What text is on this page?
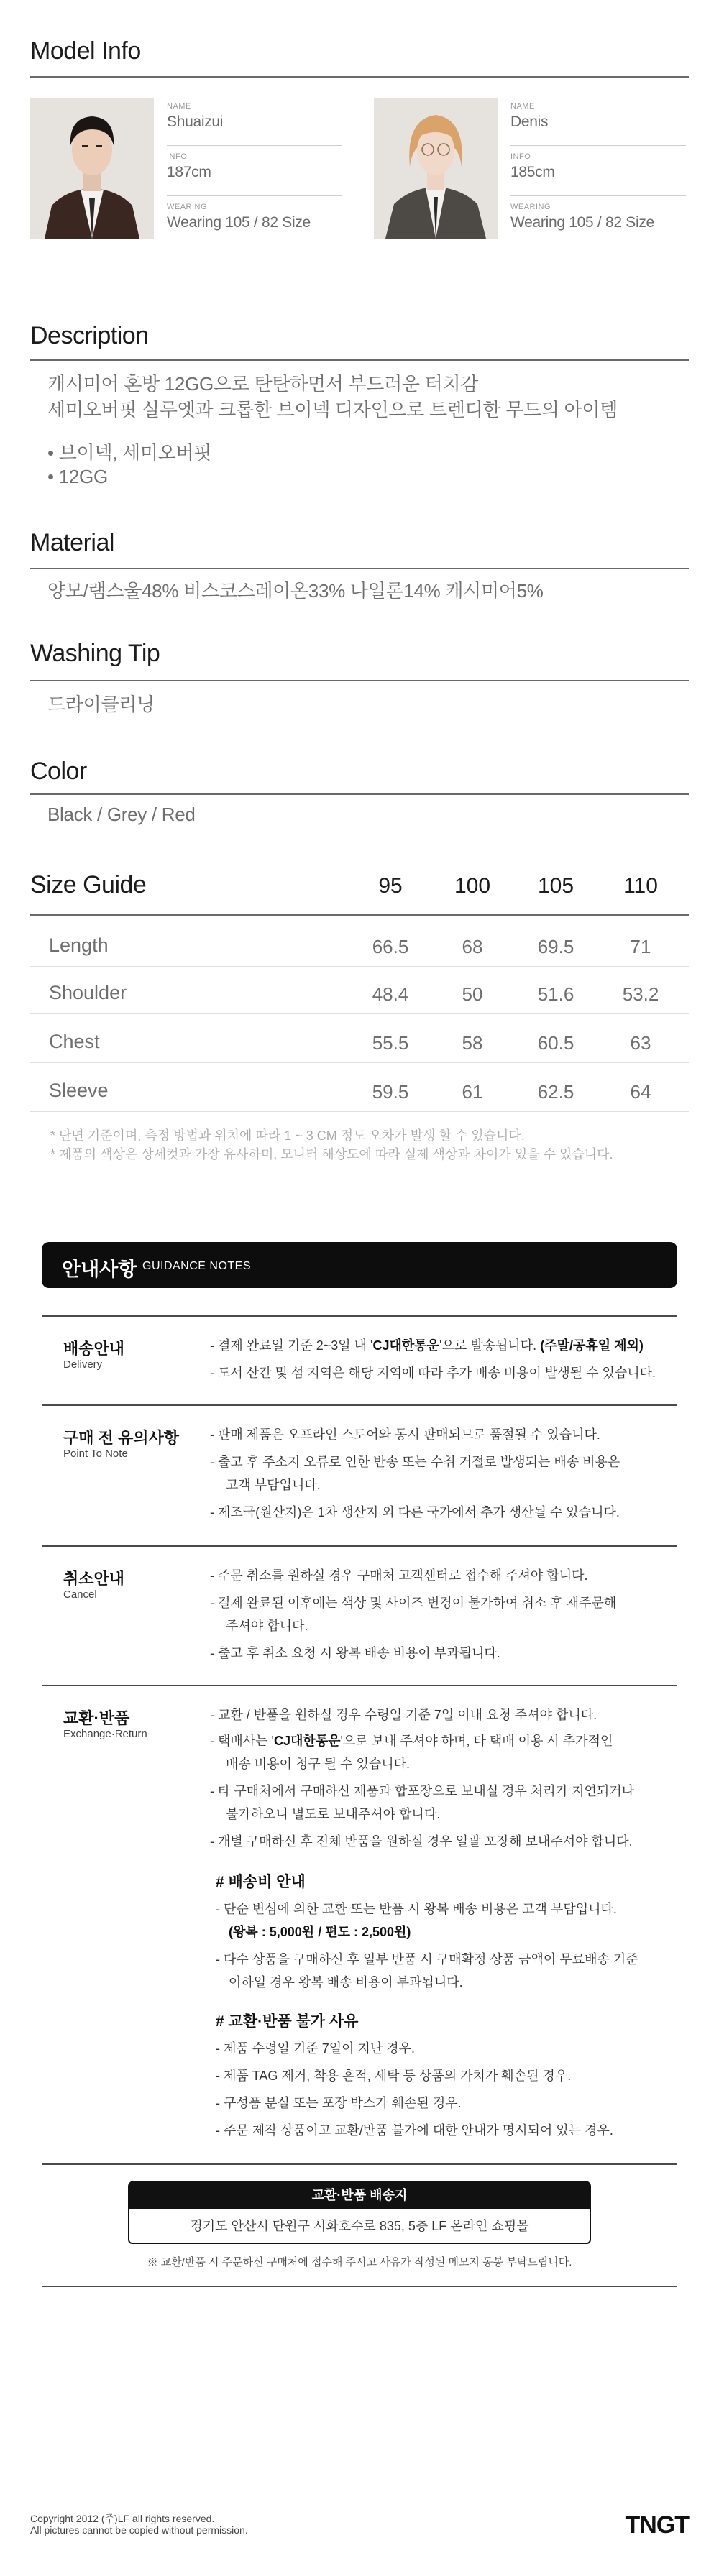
Model Info
NAME
Shuaizui
INFO
187cm
WEARING
Wearing 105 / 82 Size
NAME
Denis
INFO
185cm
WEARING
Wearing 105 / 82 Size
Description
캐시미어 혼방 12GG으로 탄탄하면서 부드러운 터치감
세미오버핏 실루엣과 크롭한 브이넥 디자인으로 트렌디한 무드의 아이템
• 브이넥, 세미오버핏
• 12GG
Material
양모/램스울48% 비스코스레이온33% 나일론14% 캐시미어5%
Washing Tip
드라이클리닝
Color
Black / Grey / Red
Size Guide	95	100	105	110
Length	66.5	68	69.5	71
Shoulder	48.4	50	51.6	53.2
Chest	55.5	58	60.5	63
Sleeve	59.5	61	62.5	64
* 단면 기준이며, 측정 방법과 위치에 따라 1 ~ 3 CM 정도 오차가 발생 할 수 있습니다.
* 제품의 색상은 상세컷과 가장 유사하며, 모니터 해상도에 따라 실제 색상과 차이가 있을 수 있습니다.
안내사항 GUIDANCE NOTES
배송안내
Delivery
- 결제 완료일 기준 2~3일 내 'CJ대한통운'으로 발송됩니다. (주말/공휴일 제외)
- 도서 산간 및 섬 지역은 해당 지역에 따라 추가 배송 비용이 발생될 수 있습니다.
구매 전 유의사항
Point To Note
- 판매 제품은 오프라인 스토어와 동시 판매되므로 품절될 수 있습니다.
- 출고 후 주소지 오류로 인한 반송 또는 수취 거절로 발생되는 배송 비용은
고객 부담입니다.
- 제조국(원산지)은 1차 생산지 외 다른 국가에서 추가 생산될 수 있습니다.
취소안내
Cancel
- 주문 취소를 원하실 경우 구매처 고객센터로 접수해 주셔야 합니다.
- 결제 완료된 이후에는 색상 및 사이즈 변경이 불가하여 취소 후 재주문해
주셔야 합니다.
- 출고 후 취소 요청 시 왕복 배송 비용이 부과됩니다.
교환·반품
Exchange·Return
- 교환 / 반품을 원하실 경우 수령일 기준 7일 이내 요청 주셔야 합니다.
- 택배사는 'CJ대한통운'으로 보내 주셔야 하며, 타 택배 이용 시 추가적인
배송 비용이 청구 될 수 있습니다.
- 타 구매처에서 구매하신 제품과 합포장으로 보내실 경우 처리가 지연되거나
불가하오니 별도로 보내주셔야 합니다.
- 개별 구매하신 후 전체 반품을 원하실 경우 일괄 포장해 보내주셔야 합니다.
# 배송비 안내
- 단순 변심에 의한 교환 또는 반품 시 왕복 배송 비용은 고객 부담입니다.
(왕복 : 5,000원 / 편도 : 2,500원)
- 다수 상품을 구매하신 후 일부 반품 시 구매확정 상품 금액이 무료배송 기준
이하일 경우 왕복 배송 비용이 부과됩니다.
# 교환·반품 불가 사유
- 제품 수령일 기준 7일이 지난 경우.
- 제품 TAG 제거, 착용 흔적, 세탁 등 상품의 가치가 훼손된 경우.
- 구성품 분실 또는 포장 박스가 훼손된 경우.
- 주문 제작 상품이고 교환/반품 불가에 대한 안내가 명시되어 있는 경우.
교환·반품 배송지
경기도 안산시 단원구 시화호수로 835, 5층 LF 온라인 쇼핑몰
※ 교환/반품 시 주문하신 구매처에 접수해 주시고 사유가 작성된 메모지 동봉 부탁드립니다.
Copyright 2012 (주)LF all rights reserved.
All pictures cannot be copied without permission.	TNGT
